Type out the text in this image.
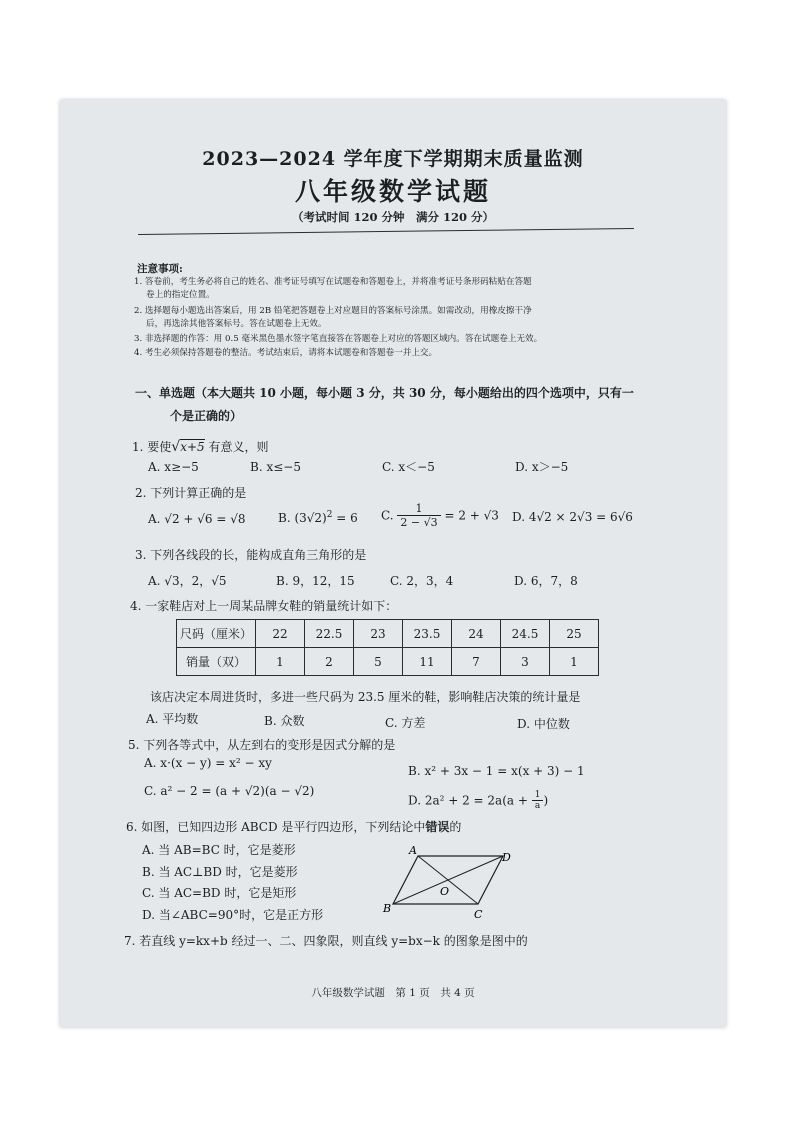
2023—2024 学年度下学期期末质量监测
八年级数学试题
（考试时间 120 分钟　满分 120 分）
注意事项:
1. 答卷前，考生务必将自己的姓名、准考证号填写在试题卷和答题卷上，并将准考证号条形码粘贴在答题
卷上的指定位置。
2. 选择题每小题选出答案后，用 2B 铅笔把答题卷上对应题目的答案标号涂黑。如需改动，用橡皮擦干净
后，再选涂其他答案标号。答在试题卷上无效。
3. 非选择题的作答：用 0.5 毫米黑色墨水签字笔直接答在答题卷上对应的答题区域内。答在试题卷上无效。
4. 考生必须保持答题卷的整洁。考试结束后，请将本试题卷和答题卷一并上交。
一、单选题（本大题共 10 小题，每小题 3 分，共 30 分，每小题给出的四个选项中，只有一
个是正确的）
1. 要使√x+5 有意义，则
A. x≥−5	B. x≤−5	C. x＜−5	D. x＞−5
2. 下列计算正确的是
A. √2 + √6 = √8	B. $(3√2)^2 = 6$ C. $\frac{1}{2 - √3} = 2 + √3$ D. 4√2 × 2√3 = 6√6
3. 下列各线段的长，能构成直角三角形的是
A. √3，2，√5	B. 9，12，15	C. 2，3，4	D. 6，7，8
4. 一家鞋店对上一周某品牌女鞋的销量统计如下：
尺码（厘米）	22	22.5	23	23.5	24	24.5	25
销量（双）	1	2	5	11	7	3	1
该店决定本周进货时，多进一些尺码为 23.5 厘米的鞋，影响鞋店决策的统计量是
A. 平均数	B. 众数	C. 方差	D. 中位数
5. 下列各等式中，从左到右的变形是因式分解的是
A. x·(x − y) = x² − xy
B. x² + 3x − 1 = x(x + 3) − 1
C. a² − 2 = (a + √2)(a − √2)
D. $2a^2 + 2 = 2a(a + \frac{1}{a}$ )
6. 如图，已知四边形 ABCD 是平行四边形，下列结论中错误的
A. 当 AB=BC 时，它是菱形
B. 当 AC⊥BD 时，它是菱形
C. 当 AC=BD 时，它是矩形
D. 当∠ABC=90°时，它是正方形
A
D
B	C
O
7. 若直线 y=kx+b 经过一、二、四象限，则直线 y=bx−k 的图象是图中的
八年级数学试题　第 1 页　共 4 页
